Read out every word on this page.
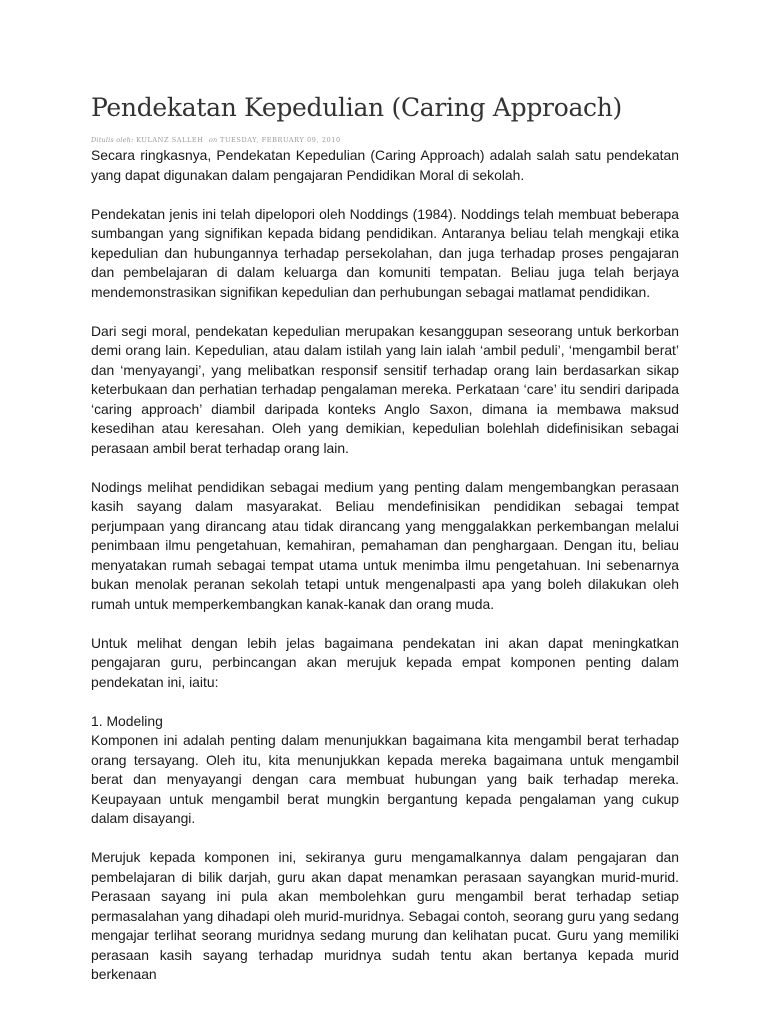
Pendekatan Kepedulian (Caring Approach)
Ditulis oleh: KULANZ SALLEH on TUESDAY, FEBRUARY 09, 2010

Secara ringkasnya, Pendekatan Kepedulian (Caring Approach) adalah salah satu pendekatan yang dapat digunakan dalam pengajaran Pendidikan Moral di sekolah.

Pendekatan jenis ini telah dipelopori oleh Noddings (1984). Noddings telah membuat beberapa sumbangan yang signifikan kepada bidang pendidikan. Antaranya beliau telah mengkaji etika kepedulian dan hubungannya terhadap persekolahan, dan juga terhadap proses pengajaran dan pembelajaran di dalam keluarga dan komuniti tempatan. Beliau juga telah berjaya mendemonstrasikan signifikan kepedulian dan perhubungan sebagai matlamat pendidikan.

Dari segi moral, pendekatan kepedulian merupakan kesanggupan seseorang untuk berkorban demi orang lain. Kepedulian, atau dalam istilah yang lain ialah ‘ambil peduli’, ‘mengambil berat’ dan ‘menyayangi’, yang melibatkan responsif sensitif terhadap orang lain berdasarkan sikap keterbukaan dan perhatian terhadap pengalaman mereka. Perkataan ‘care’ itu sendiri daripada ‘caring approach’ diambil daripada konteks Anglo Saxon, dimana ia membawa maksud kesedihan atau keresahan. Oleh yang demikian, kepedulian bolehlah didefinisikan sebagai perasaan ambil berat terhadap orang lain.

Nodings melihat pendidikan sebagai medium yang penting dalam mengembangkan perasaan kasih sayang dalam masyarakat. Beliau mendefinisikan pendidikan sebagai tempat perjumpaan yang dirancang atau tidak dirancang yang menggalakkan perkembangan melalui penimbaan ilmu pengetahuan, kemahiran, pemahaman dan penghargaan. Dengan itu, beliau menyatakan rumah sebagai tempat utama untuk menimba ilmu pengetahuan. Ini sebenarnya bukan menolak peranan sekolah tetapi untuk mengenalpasti apa yang boleh dilakukan oleh rumah untuk memperkembangkan kanak-kanak dan orang muda.

Untuk melihat dengan lebih jelas bagaimana pendekatan ini akan dapat meningkatkan pengajaran guru, perbincangan akan merujuk kepada empat komponen penting dalam pendekatan ini, iaitu:

1. Modeling

Komponen ini adalah penting dalam menunjukkan bagaimana kita mengambil berat terhadap orang tersayang. Oleh itu, kita menunjukkan kepada mereka bagaimana untuk mengambil berat dan menyayangi dengan cara membuat hubungan yang baik terhadap mereka. Keupayaan untuk mengambil berat mungkin bergantung kepada pengalaman yang cukup dalam disayangi.

Merujuk kepada komponen ini, sekiranya guru mengamalkannya dalam pengajaran dan pembelajaran di bilik darjah, guru akan dapat menamkan perasaan sayangkan murid-murid. Perasaan sayang ini pula akan membolehkan guru mengambil berat terhadap setiap permasalahan yang dihadapi oleh murid-muridnya. Sebagai contoh, seorang guru yang sedang mengajar terlihat seorang muridnya sedang murung dan kelihatan pucat. Guru yang memiliki perasaan kasih sayang terhadap muridnya sudah tentu akan bertanya kepada murid berkenaan
